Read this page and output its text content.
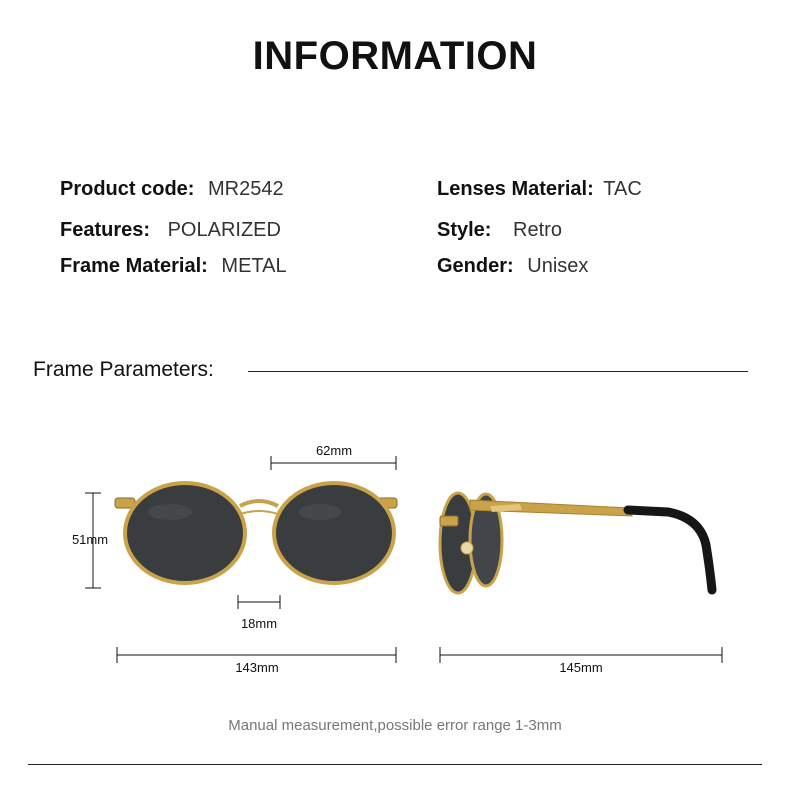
INFORMATION
Product code: MR2542
Features: POLARIZED
Frame Material: METAL
Lenses Material: TAC
Style: Retro
Gender: Unisex
Frame Parameters:
62mm
51mm
18mm
143mm	145mm
Manual measurement,possible error range 1-3mm
